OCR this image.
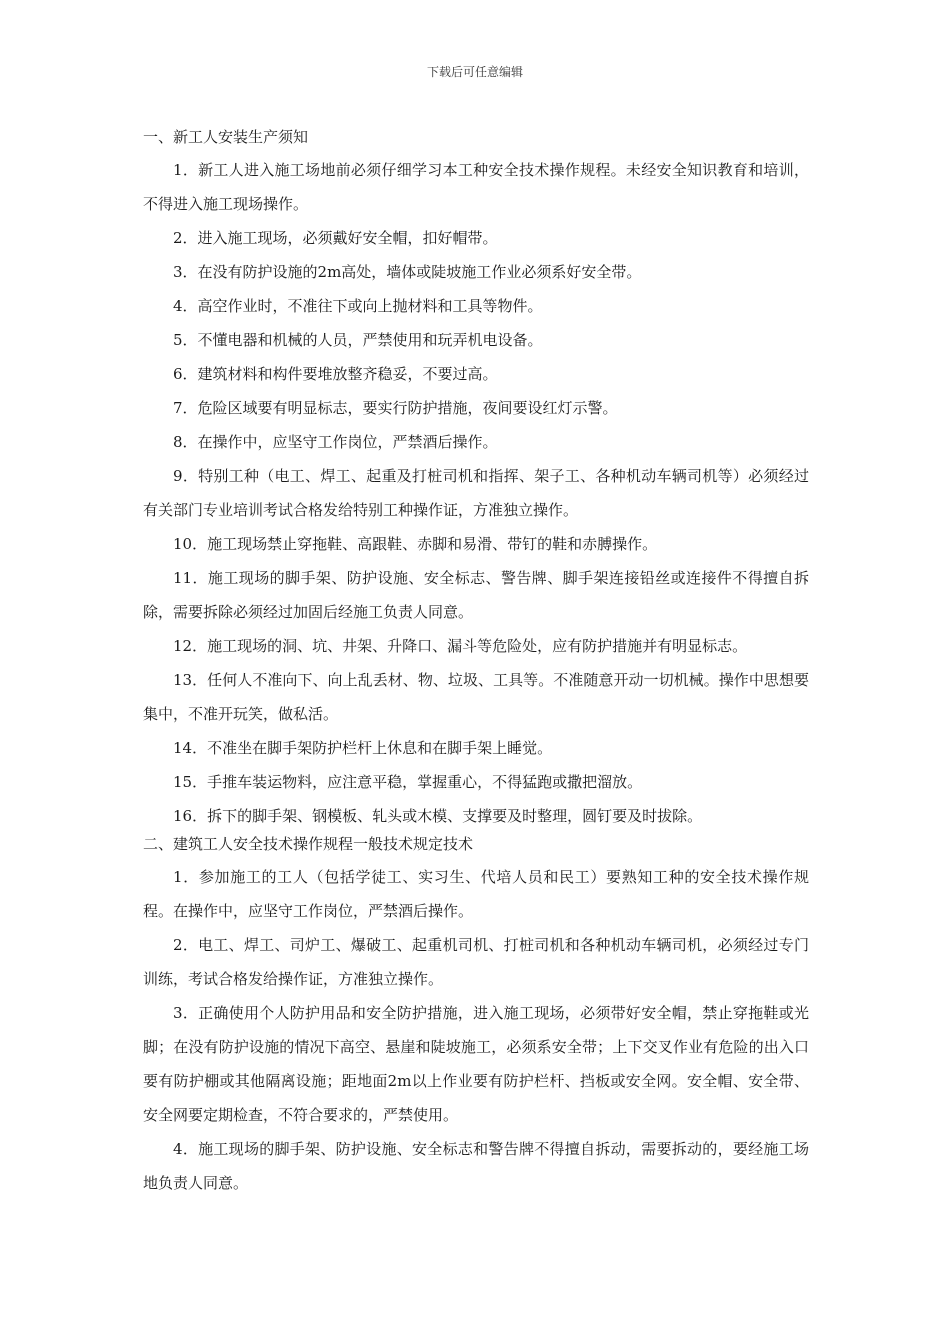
下载后可任意编辑
一、新工人安装生产须知

1．新工人进入施工场地前必须仔细学习本工种安全技术操作规程。未经安全知识教育和培训，不得进入施工现场操作。

2．进入施工现场，必须戴好安全帽，扣好帽带。

3．在没有防护设施的2m高处，墙体或陡坡施工作业必须系好安全带。

4．高空作业时，不准往下或向上抛材料和工具等物件。

5．不懂电器和机械的人员，严禁使用和玩弄机电设备。

6．建筑材料和构件要堆放整齐稳妥，不要过高。

7．危险区域要有明显标志，要实行防护措施，夜间要设红灯示警。

8．在操作中，应坚守工作岗位，严禁酒后操作。

9．特别工种（电工、焊工、起重及打桩司机和指挥、架子工、各种机动车辆司机等）必须经过有关部门专业培训考试合格发给特别工种操作证，方准独立操作。

10．施工现场禁止穿拖鞋、高跟鞋、赤脚和易滑、带钉的鞋和赤膊操作。

11．施工现场的脚手架、防护设施、安全标志、警告牌、脚手架连接铅丝或连接件不得擅自拆除，需要拆除必须经过加固后经施工负责人同意。

12．施工现场的洞、坑、井架、升降口、漏斗等危险处，应有防护措施并有明显标志。

13．任何人不准向下、向上乱丢材、物、垃圾、工具等。不准随意开动一切机械。操作中思想要集中，不准开玩笑，做私活。

14．不准坐在脚手架防护栏杆上休息和在脚手架上睡觉。

15．手推车装运物料，应注意平稳，掌握重心，不得猛跑或撒把溜放。

16．拆下的脚手架、钢模板、轧头或木模、支撑要及时整理，圆钉要及时拔除。

二、建筑工人安全技术操作规程一般技术规定技术

1．参加施工的工人（包括学徒工、实习生、代培人员和民工）要熟知工种的安全技术操作规程。在操作中，应坚守工作岗位，严禁酒后操作。

2．电工、焊工、司炉工、爆破工、起重机司机、打桩司机和各种机动车辆司机，必须经过专门训练，考试合格发给操作证，方准独立操作。

3．正确使用个人防护用品和安全防护措施，进入施工现场，必须带好安全帽，禁止穿拖鞋或光脚；在没有防护设施的情况下高空、悬崖和陡坡施工，必须系安全带；上下交叉作业有危险的出入口要有防护棚或其他隔离设施；距地面2m以上作业要有防护栏杆、挡板或安全网。安全帽、安全带、安全网要定期检查，不符合要求的，严禁使用。

4．施工现场的脚手架、防护设施、安全标志和警告牌不得擅自拆动，需要拆动的，要经施工场地负责人同意。
